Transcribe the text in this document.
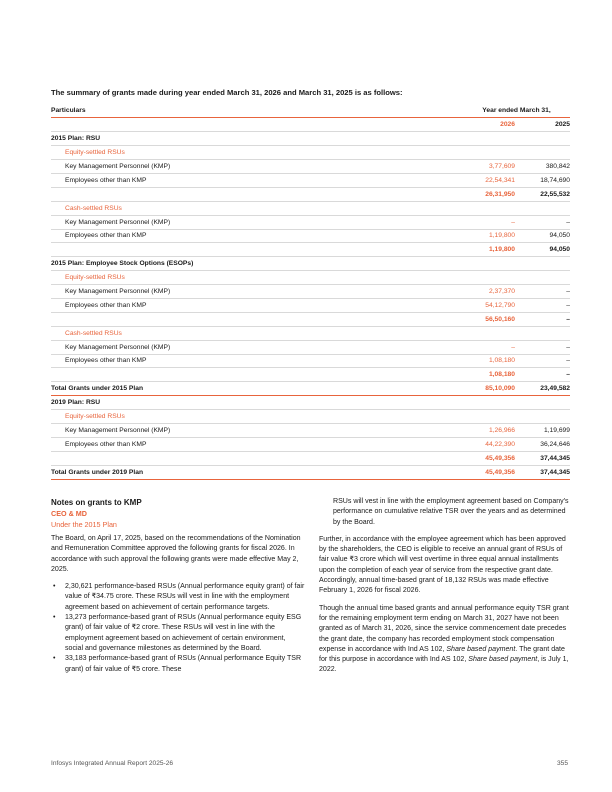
The summary of grants made during year ended March 31, 2026 and March 31, 2025 is as follows:
Particulars	Year ended March 31,	
	2026	2025
2015 Plan: RSU		
Equity-settled RSUs		
Key Management Personnel (KMP)	3,77,609	380,842
Employees other than KMP	22,54,341	18,74,690
	26,31,950	22,55,532
Cash-settled RSUs		
Key Management Personnel (KMP)	–	–
Employees other than KMP	1,19,800	94,050
	1,19,800	94,050
2015 Plan: Employee Stock Options (ESOPs)		
Equity-settled RSUs		
Key Management Personnel (KMP)	2,37,370	–
Employees other than KMP	54,12,790	–
	56,50,160	–
Cash-settled RSUs		
Key Management Personnel (KMP)	–	–
Employees other than KMP	1,08,180	–
	1,08,180	–
Total Grants under 2015 Plan	85,10,090	23,49,582
2019 Plan: RSU		
Equity-settled RSUs		
Key Management Personnel (KMP)	1,26,966	1,19,699
Employees other than KMP	44,22,390	36,24,646
	45,49,356	37,44,345
Total Grants under 2019 Plan	45,49,356	37,44,345
Notes on grants to KMP
CEO & MD
Under the 2015 Plan

The Board, on April 17, 2025, based on the recommendations of the Nomination and Remuneration Committee approved the following grants for fiscal 2026. In accordance with such approval the following grants were made effective May 2, 2025.

• 2,30,621 performance-based RSUs (Annual performance equity grant) of fair value of ₹34.75 crore. These RSUs will vest in line with the employment agreement based on achievement of certain performance targets.
• 13,273 performance-based grant of RSUs (Annual performance equity ESG grant) of fair value of ₹2 crore. These RSUs will vest in line with the employment agreement based on achievement of certain environment, social and governance milestones as determined by the Board.
• 33,183 performance-based grant of RSUs (Annual performance Equity TSR grant) of fair value of ₹5 crore. These

RSUs will vest in line with the employment agreement based on Company's performance on cumulative relative TSR over the years and as determined by the Board.

Further, in accordance with the employee agreement which has been approved by the shareholders, the CEO is eligible to receive an annual grant of RSUs of fair value ₹3 crore which will vest overtime in three equal annual installments upon the completion of each year of service from the respective grant date. Accordingly, annual time-based grant of 18,132 RSUs was made effective February 1, 2026 for fiscal 2026.

Though the annual time based grants and annual performance equity TSR grant for the remaining employment term ending on March 31, 2027 have not been granted as of March 31, 2026, since the service commencement date precedes the grant date, the company has recorded employment stock compensation expense in accordance with Ind AS 102, Share based payment. The grant date for this purpose in accordance with Ind AS 102, Share based payment, is July 1, 2022.

Infosys Integrated Annual Report 2025-26	355
